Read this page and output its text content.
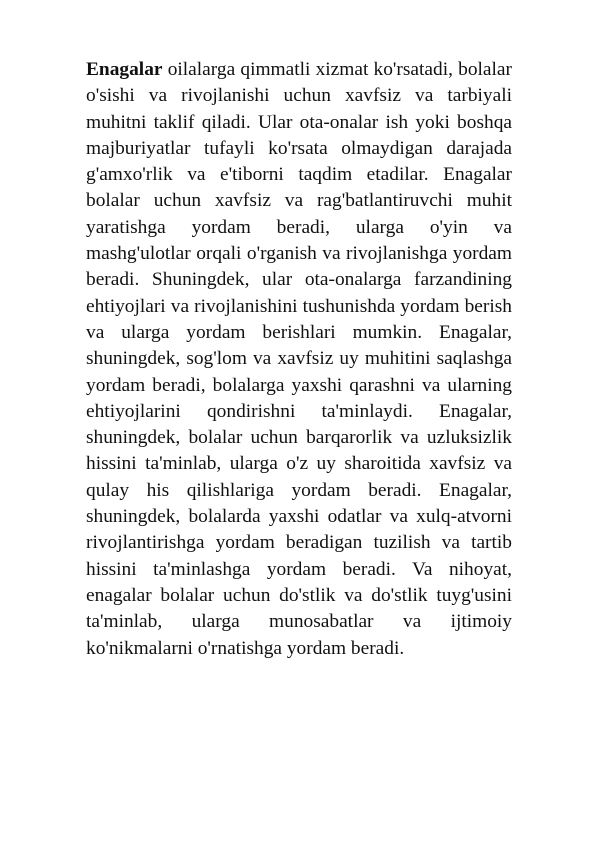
Enagalar oilalarga qimmatli xizmat ko'rsatadi, bolalar o'sishi va rivojlanishi uchun xavfsiz va tarbiyali muhitni taklif qiladi. Ular ota-onalar ish yoki boshqa majburiyatlar tufayli ko'rsata olmaydigan darajada g'amxo'rlik va e'tiborni taqdim etadilar. Enagalar bolalar uchun xavfsiz va rag'batlantiruvchi muhit yaratishga yordam beradi, ularga o'yin va mashg'ulotlar orqali o'rganish va rivojlanishga yordam beradi. Shuningdek, ular ota-onalarga farzandining ehtiyojlari va rivojlanishini tushunishda yordam berish va ularga yordam berishlari mumkin. Enagalar, shuningdek, sog'lom va xavfsiz uy muhitini saqlashga yordam beradi, bolalarga yaxshi qarashni va ularning ehtiyojlarini qondirishni ta'minlaydi. Enagalar, shuningdek, bolalar uchun barqarorlik va uzluksizlik hissini ta'minlab, ularga o'z uy sharoitida xavfsiz va qulay his qilishlariga yordam beradi. Enagalar, shuningdek, bolalarda yaxshi odatlar va xulq-atvorni rivojlantirishga yordam beradigan tuzilish va tartib hissini ta'minlashga yordam beradi. Va nihoyat, enagalar bolalar uchun do'stlik va do'stlik tuyg'usini ta'minlab, ularga munosabatlar va ijtimoiy ko'nikmalarni o'rnatishga yordam beradi.
